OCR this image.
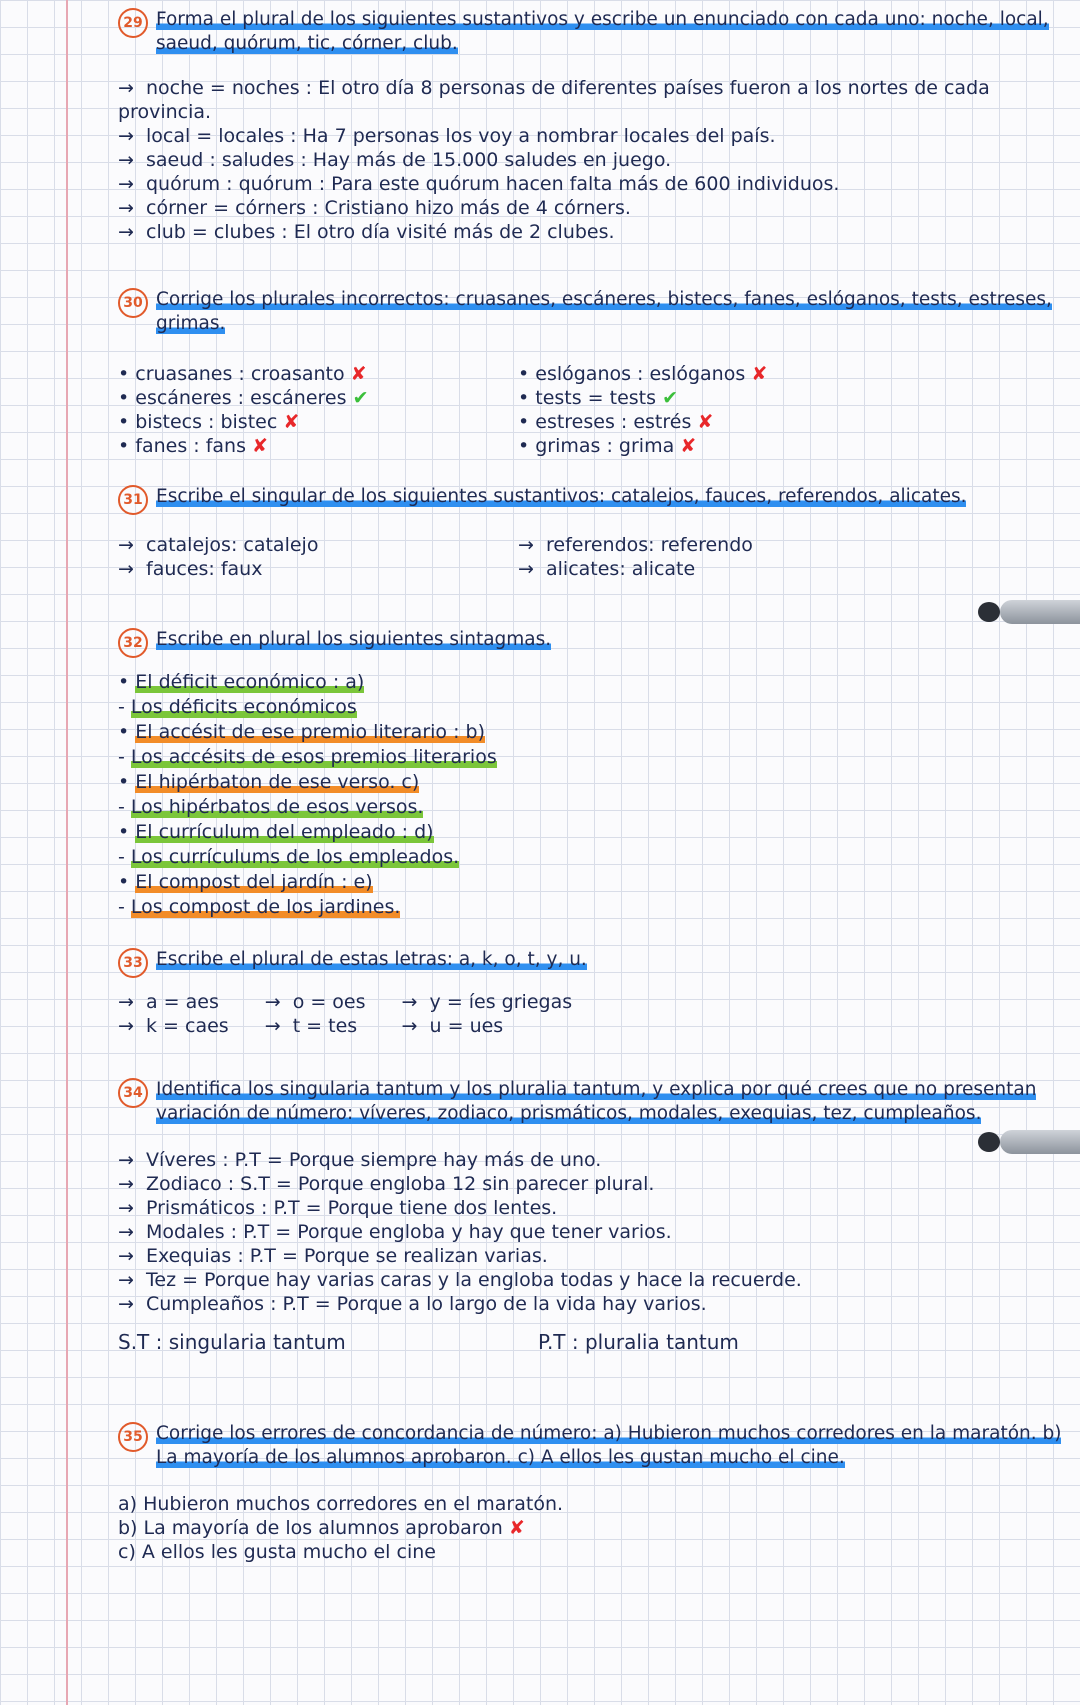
29 Forma el plural de los siguientes sustantivos y escribe un enunciado con cada uno: noche, local, saeud, quórum, tic, córner, club.
→ noche = noches : El otro día 8 personas de diferentes países fueron a los nortes de cada provincia.
→ local = locales : Ha 7 personas los voy a nombrar locales del país.
→ saeud : saludes : Hay más de 15.000 saludes en juego.
→ quórum : quórum : Para este quórum hacen falta más de 600 individuos.
→ córner = córners : Cristiano hizo más de 4 córners.
→ club = clubes : El otro día visité más de 2 clubes.
30 Corrige los plurales incorrectos: cruasanes, escáneres, bistecs, fanes, eslóganos, tests, estreses, grimas.
• cruasanes : croasanto ✘
• escáneres : escáneres ✔
• bistecs : bistec ✘
• fanes : fans ✘
• eslóganos : eslóganos ✘
• tests = tests ✔
• estreses : estrés ✘
• grimas : grima ✘
31 Escribe el singular de los siguientes sustantivos: catalejos, fauces, referendos, alicates.
→ catalejos: catalejo
→ fauces: faux
→ referendos: referendo
→ alicates: alicate
32 Escribe en plural los siguientes sintagmas.
• El déficit económico : a)
- Los déficits económicos
• El accésit de ese premio literario : b)
- Los accésits de esos premios literarios
• El hipérbaton de ese verso. c)
- Los hipérbatos de esos versos.
• El currículum del empleado : d)
- Los currículums de los empleados.
• El compost del jardín : e)
- Los compost de los jardines.
33 Escribe el plural de estas letras: a, k, o, t, y, u.
→ a = aes
→ k = caes
→ o = oes
→ t = tes
→ y = íes griegas
→ u = ues
34 Identifica los singularia tantum y los pluralia tantum, y explica por qué crees que no presentan variación de número: víveres, zodiaco, prismáticos, modales, exequias, tez, cumpleaños.
→ Víveres : P.T = Porque siempre hay más de uno.
→ Zodiaco : S.T = Porque engloba 12 sin parecer plural.
→ Prismáticos : P.T = Porque tiene dos lentes.
→ Modales : P.T = Porque engloba y hay que tener varios.
→ Exequias : P.T = Porque se realizan varias.
→ Tez = Porque hay varias caras y la engloba todas y hace la recuerde.
→ Cumpleaños : P.T = Porque a lo largo de la vida hay varios.
S.T : singularia tantum	P.T : pluralia tantum
35 Corrige los errores de concordancia de número: a) Hubieron muchos corredores en la maratón. b) La mayoría de los alumnos aprobaron. c) A ellos les gustan mucho el cine.
a) Hubieron muchos corredores en el maratón.
b) La mayoría de los alumnos aprobaron ✘
c) A ellos les gusta mucho el cine
